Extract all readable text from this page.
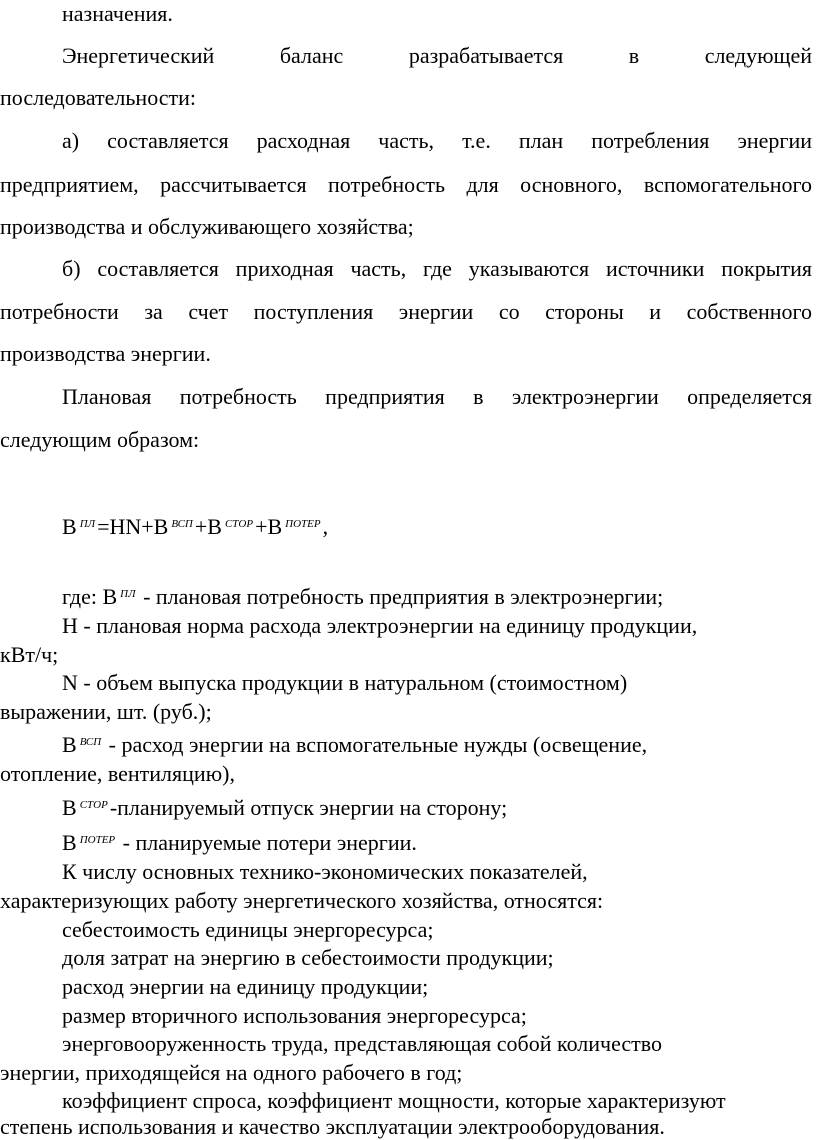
назначения.
Энергетический	баланс	разрабатывается	в	следующей
последовательности:
а) составляется расходная часть, т.е. план потребления энергии
предприятием, рассчитывается потребность для основного, вспомогательного
производства и обслуживающего хозяйства;
б) составляется приходная часть, где указываются источники покрытия
потребности за счет поступления энергии со стороны и собственного
производства энергии.
Плановая потребность предприятия в электроэнергии определяется
следующим образом:
В $^{ПЛ}$=НN+В $^{ВСП}$+В $^{СТОР}$+В $^{ПОТЕР}$,
где: В $^{ПЛ}$ - плановая потребность предприятия в электроэнергии;
Н - плановая норма расхода электроэнергии на единицу продукции,
кВт/ч;
N - объем выпуска продукции в натуральном (стоимостном)
выражении, шт. (руб.);
В $^{ВСП}$ - расход энергии на вспомогательные нужды (освещение,
отопление, вентиляцию),
В $^{СТОР}$-планируемый отпуск энергии на сторону;
В $^{ПОТЕР}$ - планируемые потери энергии.
К числу основных технико-экономических показателей,
характеризующих работу энергетического хозяйства, относятся:
себестоимость единицы энергоресурса;
доля затрат на энергию в себестоимости продукции;
расход энергии на единицу продукции;
размер вторичного использования энергоресурса;
энерговооруженность труда, представляющая собой количество
энергии, приходящейся на одного рабочего в год;
коэффициент спроса, коэффициент мощности, которые характеризуют
степень использования и качество эксплуатации электрооборудования.
